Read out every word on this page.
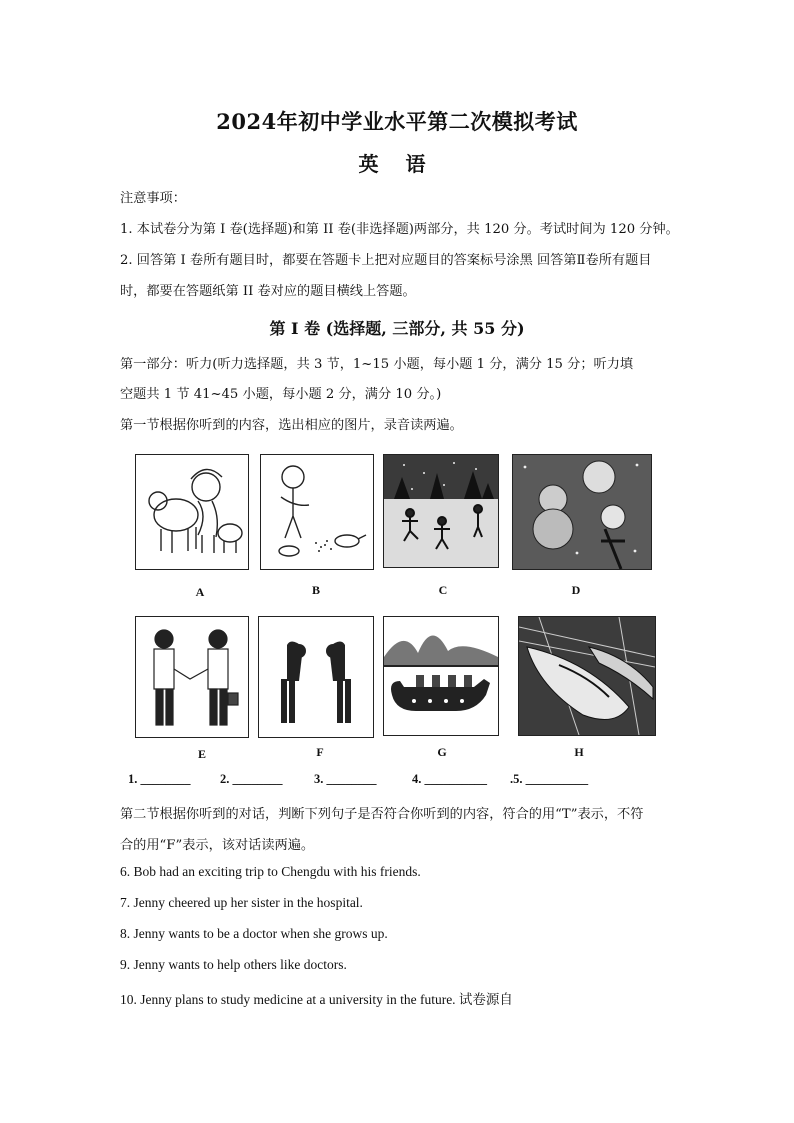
2024年初中学业水平第二次模拟考试
英 语
注意事项：
1. 本试卷分为第 I 卷(选择题)和第 II 卷(非选择题)两部分，共 120 分。考试时间为 120 分钟。
2. 回答第 I 卷所有题目时，都要在答题卡上把对应题目的答案标号涂黑 回答第Ⅱ卷所有题目
时，都要在答题纸第 II 卷对应的题目横线上答题。
第 I 卷 (选择题, 三部分, 共 55 分)
第一部分：听力(听力选择题，共 3 节，1~15 小题，每小题 1 分，满分 15 分；听力填
空题共 1 节 41~45 小题，每小题 2 分，满分 10 分。)
第一节根据你听到的内容，选出相应的图片，录音读两遍。
A	B	C	D
E	F	G	H
1. ________ 2. ________	3. ________	4. __________ .5. __________
第二节根据你听到的对话，判断下列句子是否符合你听到的内容，符合的用“T”表示，不符
合的用“F”表示，该对话读两遍。
6. Bob had an exciting trip to Chengdu with his friends.
7. Jenny cheered up her sister in the hospital.
8. Jenny wants to be a doctor when she grows up.
9. Jenny wants to help others like doctors.
10. Jenny plans to study medicine at a university in the future. 试卷源自
